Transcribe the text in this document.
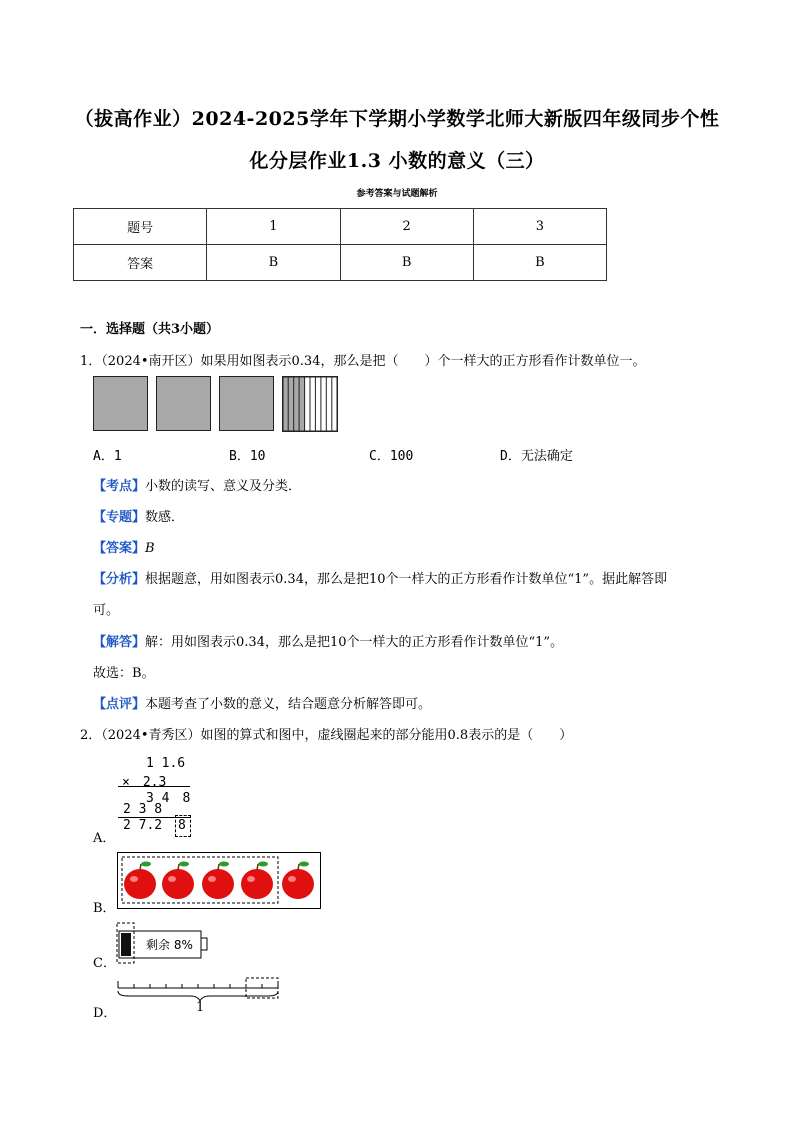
（拔高作业）2024-2025学年下学期小学数学北师大新版四年级同步个性
化分层作业1.3 小数的意义（三）
参考答案与试题解析
题号	1	2	3
答案	B	B	B
一．选择题（共3小题）
1．（2024•南开区）如果用如图表示0.34，那么是把（　　）个一样大的正方形看作计数单位一。
A．1	B．10	C．100	D．无法确定
【考点】小数的读写、意义及分类．
【专题】数感．
【答案】B
【分析】根据题意，用如图表示0.34，那么是把10个一样大的正方形看作计数单位“1”。据此解答即
可。
【解答】解：用如图表示0.34，那么是把10个一样大的正方形看作计数单位“1”。
故选：B。
【点评】本题考查了小数的意义，结合题意分析解答即可。
2．（2024•青秀区）如图的算式和图中，虚线圈起来的部分能用0.8表示的是（　　）
A．
1 1.6
×　2.3
3 4　8
2 3 8
2 7.2 8
B．
C．
剩余 8%
D．	1
